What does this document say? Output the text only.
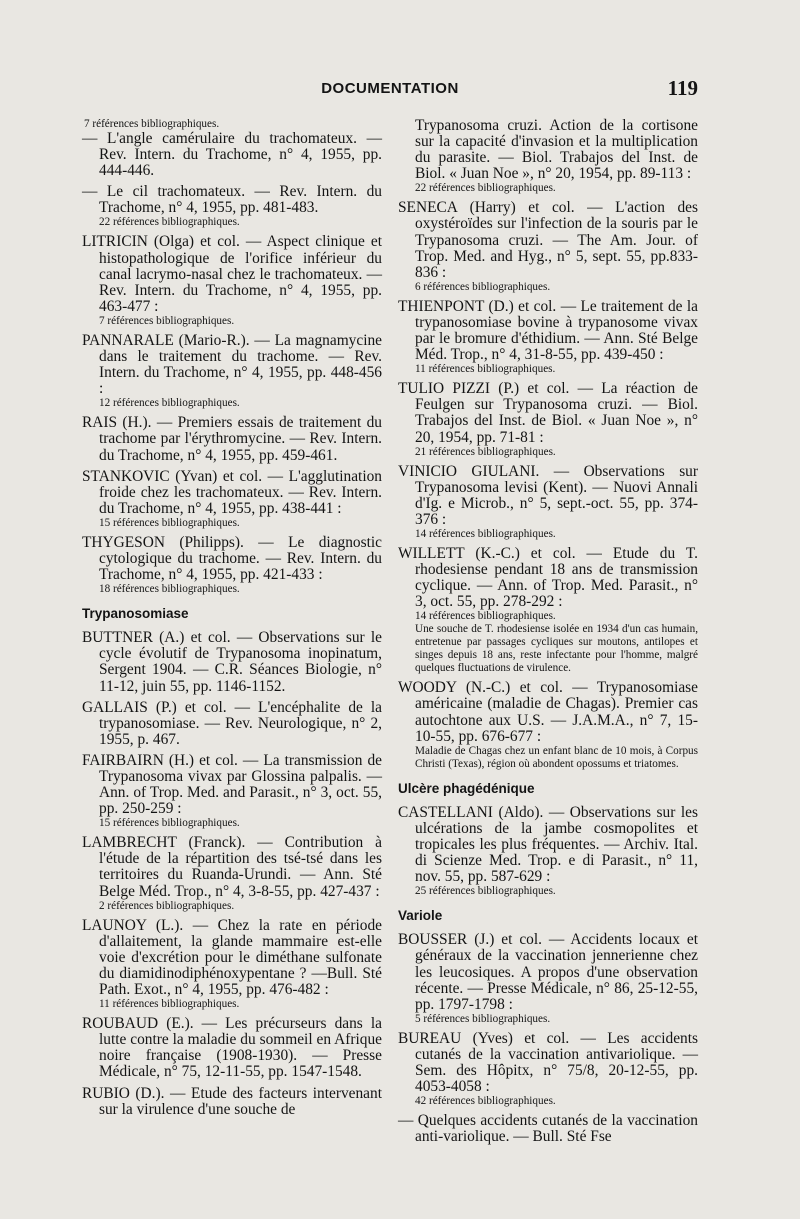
DOCUMENTATION	119

7 références bibliographiques.

— L'angle camérulaire du trachomateux. — Rev. Intern. du Trachome, n° 4, 1955, pp. 444-446.

— Le cil trachomateux. — Rev. Intern. du Trachome, n° 4, 1955, pp. 481-483.

22 références bibliographiques.

LITRICIN (Olga) et col. — Aspect clinique et histopathologique de l'orifice inférieur du canal lacrymo-nasal chez le trachomateux. — Rev. Intern. du Trachome, n° 4, 1955, pp. 463-477 :

7 références bibliographiques.

PANNARALE (Mario-R.). — La magnamycine dans le traitement du trachome. — Rev. Intern. du Trachome, n° 4, 1955, pp. 448-456 :

12 références bibliographiques.

RAIS (H.). — Premiers essais de traitement du trachome par l'érythromycine. — Rev. Intern. du Trachome, n° 4, 1955, pp. 459-461.

STANKOVIC (Yvan) et col. — L'agglutination froide chez les trachomateux. — Rev. Intern. du Trachome, n° 4, 1955, pp. 438-441 :

15 références bibliographiques.

THYGESON (Philipps). — Le diagnostic cytologique du trachome. — Rev. Intern. du Trachome, n° 4, 1955, pp. 421-433 :

18 références bibliographiques.

Trypanosomiase

BUTTNER (A.) et col. — Observations sur le cycle évolutif de Trypanosoma inopinatum, Sergent 1904. — C.R. Séances Biologie, n° 11-12, juin 55, pp. 1146-1152.

GALLAIS (P.) et col. — L'encéphalite de la trypanosomiase. — Rev. Neurologique, n° 2, 1955, p. 467.

FAIRBAIRN (H.) et col. — La transmission de Trypanosoma vivax par Glossina palpalis. — Ann. of Trop. Med. and Parasit., n° 3, oct. 55, pp. 250-259 :

15 références bibliographiques.

LAMBRECHT (Franck). — Contribution à l'étude de la répartition des tsé-tsé dans les territoires du Ruanda-Urundi. — Ann. Sté Belge Méd. Trop., n° 4, 3-8-55, pp. 427-437 :

2 références bibliographiques.

LAUNOY (L.). — Chez la rate en période d'allaitement, la glande mammaire est-elle voie d'excrétion pour le diméthane sulfonate du diamidinodiphénoxypentane ? —Bull. Sté Path. Exot., n° 4, 1955, pp. 476-482 :

11 références bibliographiques.

ROUBAUD (E.). — Les précurseurs dans la lutte contre la maladie du sommeil en Afrique noire française (1908-1930). — Presse Médicale, n° 75, 12-11-55, pp. 1547-1548.

RUBIO (D.). — Etude des facteurs intervenant sur la virulence d'une souche de

Trypanosoma cruzi. Action de la cortisone sur la capacité d'invasion et la multiplication du parasite. — Biol. Trabajos del Inst. de Biol. « Juan Noe », n° 20, 1954, pp. 89-113 :

22 références bibliographiques.

SENECA (Harry) et col. — L'action des oxystéroïdes sur l'infection de la souris par le Trypanosoma cruzi. — The Am. Jour. of Trop. Med. and Hyg., n° 5, sept. 55, pp.833-836 :

6 références bibliographiques.

THIENPONT (D.) et col. — Le traitement de la trypanosomiase bovine à trypanosome vivax par le bromure d'éthidium. — Ann. Sté Belge Méd. Trop., n° 4, 31-8-55, pp. 439-450 :

11 références bibliographiques.

TULIO PIZZI (P.) et col. — La réaction de Feulgen sur Trypanosoma cruzi. — Biol. Trabajos del Inst. de Biol. « Juan Noe », n° 20, 1954, pp. 71-81 :

21 références bibliographiques.

VINICIO GIULANI. — Observations sur Trypanosoma levisi (Kent). — Nuovi Annali d'Ig. e Microb., n° 5, sept.-oct. 55, pp. 374-376 :

14 références bibliographiques.

WILLETT (K.-C.) et col. — Etude du T. rhodesiense pendant 18 ans de transmission cyclique. — Ann. of Trop. Med. Parasit., n° 3, oct. 55, pp. 278-292 :

14 références bibliographiques.

Une souche de T. rhodesiense isolée en 1934 d'un cas humain, entretenue par passages cycliques sur moutons, antilopes et singes depuis 18 ans, reste infectante pour l'homme, malgré quelques fluctuations de virulence.

WOODY (N.-C.) et col. — Trypanosomiase américaine (maladie de Chagas). Premier cas autochtone aux U.S. — J.A.M.A., n° 7, 15-10-55, pp. 676-677 :

Maladie de Chagas chez un enfant blanc de 10 mois, à Corpus Christi (Texas), région où abondent opossums et triatomes.

Ulcère phagédénique

CASTELLANI (Aldo). — Observations sur les ulcérations de la jambe cosmopolites et tropicales les plus fréquentes. — Archiv. Ital. di Scienze Med. Trop. e di Parasit., n° 11, nov. 55, pp. 587-629 :

25 références bibliographiques.

Variole

BOUSSER (J.) et col. — Accidents locaux et généraux de la vaccination jennerienne chez les leucosiques. A propos d'une observation récente. — Presse Médicale, n° 86, 25-12-55, pp. 1797-1798 :

5 références bibliographiques.

BUREAU (Yves) et col. — Les accidents cutanés de la vaccination antivariolique. — Sem. des Hôpitx, n° 75/8, 20-12-55, pp. 4053-4058 :

42 références bibliographiques.

— Quelques accidents cutanés de la vaccination anti-variolique. — Bull. Sté Fse
